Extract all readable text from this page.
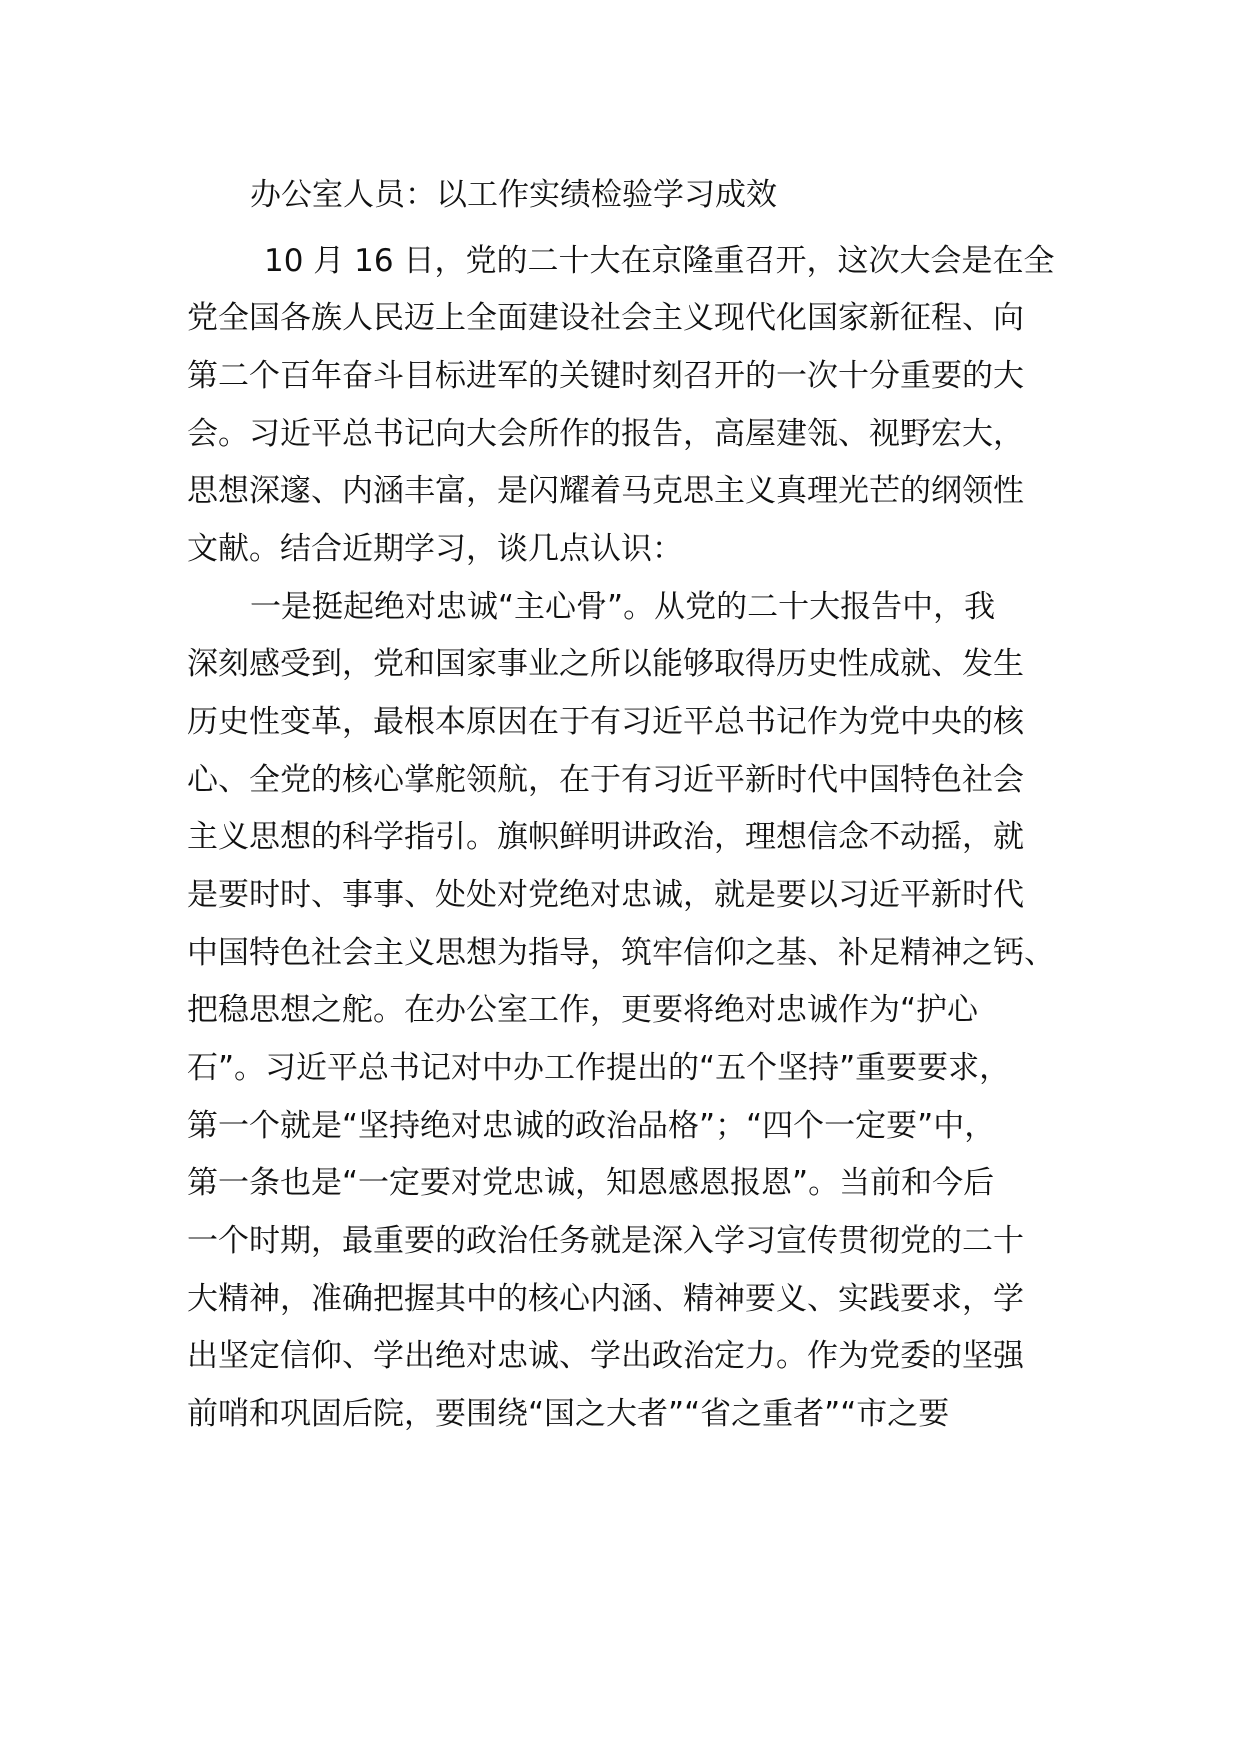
办公室人员：以工作实绩检验学习成效

10 月 16 日，党的二十大在京隆重召开，这次大会是在全

党全国各族人民迈上全面建设社会主义现代化国家新征程、向

第二个百年奋斗目标进军的关键时刻召开的一次十分重要的大

会。习近平总书记向大会所作的报告，高屋建瓴、视野宏大，

思想深邃、内涵丰富，是闪耀着马克思主义真理光芒的纲领性

文献。结合近期学习，谈几点认识：

一是挺起绝对忠诚“主心骨”。从党的二十大报告中，我

深刻感受到，党和国家事业之所以能够取得历史性成就、发生

历史性变革，最根本原因在于有习近平总书记作为党中央的核

心、全党的核心掌舵领航，在于有习近平新时代中国特色社会

主义思想的科学指引。旗帜鲜明讲政治，理想信念不动摇，就

是要时时、事事、处处对党绝对忠诚，就是要以习近平新时代

中国特色社会主义思想为指导，筑牢信仰之基、补足精神之钙、

把稳思想之舵。在办公室工作，更要将绝对忠诚作为“护心

石”。习近平总书记对中办工作提出的“五个坚持”重要要求，

第一个就是“坚持绝对忠诚的政治品格”；“四个一定要”中，

第一条也是“一定要对党忠诚，知恩感恩报恩”。当前和今后

一个时期，最重要的政治任务就是深入学习宣传贯彻党的二十

大精神，准确把握其中的核心内涵、精神要义、实践要求，学

出坚定信仰、学出绝对忠诚、学出政治定力。作为党委的坚强

前哨和巩固后院，要围绕“国之大者”“省之重者”“市之要
